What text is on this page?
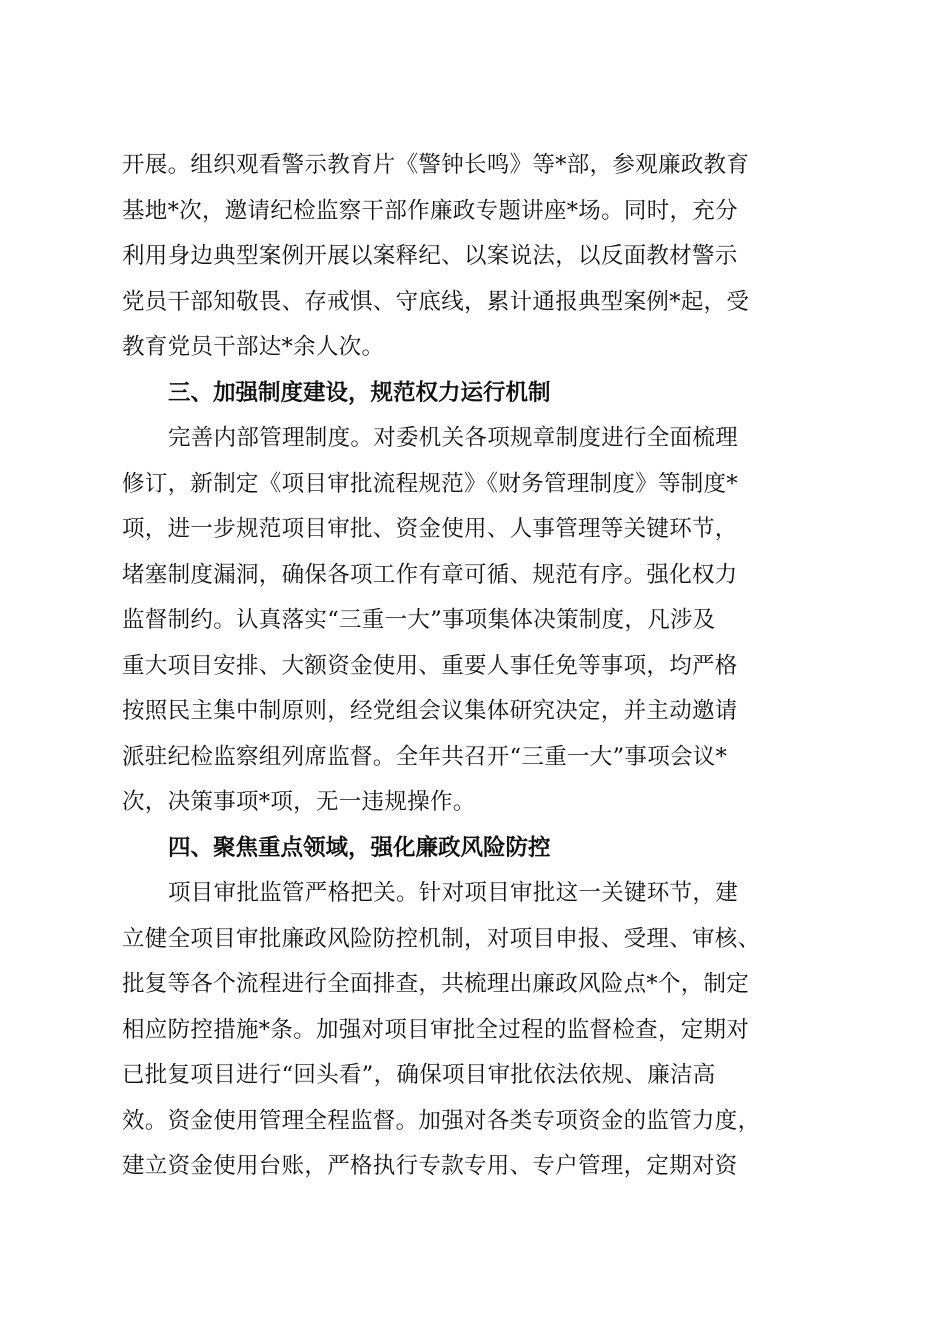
开展。组织观看警示教育片《警钟长鸣》等*部，参观廉政教育
基地*次，邀请纪检监察干部作廉政专题讲座*场。同时，充分
利用身边典型案例开展以案释纪、以案说法，以反面教材警示
党员干部知敬畏、存戒惧、守底线，累计通报典型案例*起，受
教育党员干部达*余人次。
三、加强制度建设，规范权力运行机制
完善内部管理制度。对委机关各项规章制度进行全面梳理
修订，新制定《项目审批流程规范》《财务管理制度》等制度*
项，进一步规范项目审批、资金使用、人事管理等关键环节，
堵塞制度漏洞，确保各项工作有章可循、规范有序。强化权力
监督制约。认真落实“三重一大”事项集体决策制度，凡涉及
重大项目安排、大额资金使用、重要人事任免等事项，均严格
按照民主集中制原则，经党组会议集体研究决定，并主动邀请
派驻纪检监察组列席监督。全年共召开“三重一大”事项会议*
次，决策事项*项，无一违规操作。
四、聚焦重点领域，强化廉政风险防控
项目审批监管严格把关。针对项目审批这一关键环节，建
立健全项目审批廉政风险防控机制，对项目申报、受理、审核、
批复等各个流程进行全面排查，共梳理出廉政风险点*个，制定
相应防控措施*条。加强对项目审批全过程的监督检查，定期对
已批复项目进行“回头看”，确保项目审批依法依规、廉洁高
效。资金使用管理全程监督。加强对各类专项资金的监管力度，
建立资金使用台账，严格执行专款专用、专户管理，定期对资
